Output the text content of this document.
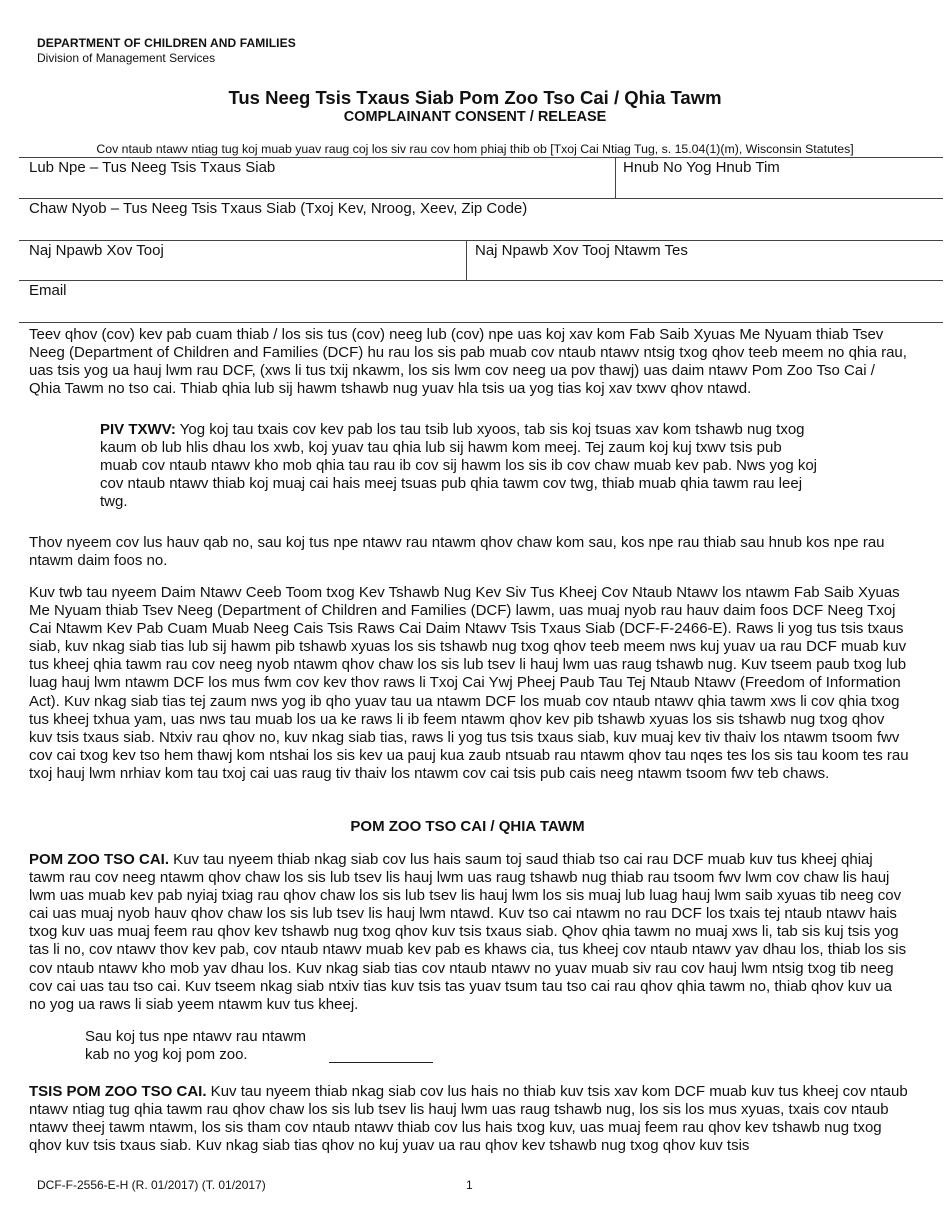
DEPARTMENT OF CHILDREN AND FAMILIES
Division of Management Services
Tus Neeg Tsis Txaus Siab Pom Zoo Tso Cai / Qhia Tawm
COMPLAINANT CONSENT / RELEASE
Cov ntaub ntawv ntiag tug koj muab yuav raug coj los siv rau cov hom phiaj thib ob [Txoj Cai Ntiag Tug, s. 15.04(1)(m), Wisconsin Statutes]
Lub Npe – Tus Neeg Tsis Txaus Siab	Hnub No Yog Hnub Tim
Chaw Nyob – Tus Neeg Tsis Txaus Siab (Txoj Kev, Nroog, Xeev, Zip Code)
Naj Npawb Xov Tooj	Naj Npawb Xov Tooj Ntawm Tes
Email
Teev qhov (cov) kev pab cuam thiab / los sis tus (cov) neeg lub (cov) npe uas koj xav kom Fab Saib Xyuas Me Nyuam thiab Tsev Neeg (Department of Children and Families (DCF) hu rau los sis pab muab cov ntaub ntawv ntsig txog qhov teeb meem no qhia rau, uas tsis yog ua hauj lwm rau DCF, (xws li tus txij nkawm, los sis lwm cov neeg ua pov thawj) uas daim ntawv Pom Zoo Tso Cai / Qhia Tawm no tso cai. Thiab qhia lub sij hawm tshawb nug yuav hla tsis ua yog tias koj xav txwv qhov ntawd.
PIV TXWV: Yog koj tau txais cov kev pab los tau tsib lub xyoos, tab sis koj tsuas xav kom tshawb nug txog kaum ob lub hlis dhau los xwb, koj yuav tau qhia lub sij hawm kom meej. Tej zaum koj kuj txwv tsis pub muab cov ntaub ntawv kho mob qhia tau rau ib cov sij hawm los sis ib cov chaw muab kev pab. Nws yog koj cov ntaub ntawv thiab koj muaj cai hais meej tsuas pub qhia tawm cov twg, thiab muab qhia tawm rau leej twg.
Thov nyeem cov lus hauv qab no, sau koj tus npe ntawv rau ntawm qhov chaw kom sau, kos npe rau thiab sau hnub kos npe rau ntawm daim foos no.
Kuv twb tau nyeem Daim Ntawv Ceeb Toom txog Kev Tshawb Nug Kev Siv Tus Kheej Cov Ntaub Ntawv los ntawm Fab Saib Xyuas Me Nyuam thiab Tsev Neeg (Department of Children and Families (DCF) lawm, uas muaj nyob rau hauv daim foos DCF Neeg Txoj Cai Ntawm Kev Pab Cuam Muab Neeg Cais Tsis Raws Cai Daim Ntawv Tsis Txaus Siab (DCF-F-2466-E). Raws li yog tus tsis txaus siab, kuv nkag siab tias lub sij hawm pib tshawb xyuas los sis tshawb nug txog qhov teeb meem nws kuj yuav ua rau DCF muab kuv tus kheej qhia tawm rau cov neeg nyob ntawm qhov chaw los sis lub tsev li hauj lwm uas raug tshawb nug. Kuv tseem paub txog lub luag hauj lwm ntawm DCF los mus fwm cov kev thov raws li Txoj Cai Ywj Pheej Paub Tau Tej Ntaub Ntawv (Freedom of Information Act). Kuv nkag siab tias tej zaum nws yog ib qho yuav tau ua ntawm DCF los muab cov ntaub ntawv qhia tawm xws li cov qhia txog tus kheej txhua yam, uas nws tau muab los ua ke raws li ib feem ntawm qhov kev pib tshawb xyuas los sis tshawb nug txog qhov kuv tsis txaus siab. Ntxiv rau qhov no, kuv nkag siab tias, raws li yog tus tsis txaus siab, kuv muaj kev tiv thaiv los ntawm tsoom fwv cov cai txog kev tso hem thawj kom ntshai los sis kev ua pauj kua zaub ntsuab rau ntawm qhov tau nqes tes los sis tau koom tes rau txoj hauj lwm nrhiav kom tau txoj cai uas raug tiv thaiv los ntawm cov cai tsis pub cais neeg ntawm tsoom fwv teb chaws.
POM ZOO TSO CAI / QHIA TAWM
POM ZOO TSO CAI. Kuv tau nyeem thiab nkag siab cov lus hais saum toj saud thiab tso cai rau DCF muab kuv tus kheej qhiaj tawm rau cov neeg ntawm qhov chaw los sis lub tsev lis hauj lwm uas raug tshawb nug thiab rau tsoom fwv lwm cov chaw lis hauj lwm uas muab kev pab nyiaj txiag rau qhov chaw los sis lub tsev lis hauj lwm los sis muaj lub luag hauj lwm saib xyuas tib neeg cov cai uas muaj nyob hauv qhov chaw los sis lub tsev lis hauj lwm ntawd. Kuv tso cai ntawm no rau DCF los txais tej ntaub ntawv hais txog kuv uas muaj feem rau qhov kev tshawb nug txog qhov kuv tsis txaus siab. Qhov qhia tawm no muaj xws li, tab sis kuj tsis yog tas li no, cov ntawv thov kev pab, cov ntaub ntawv muab kev pab es khaws cia, tus kheej cov ntaub ntawv yav dhau los, thiab los sis cov ntaub ntawv kho mob yav dhau los. Kuv nkag siab tias cov ntaub ntawv no yuav muab siv rau cov hauj lwm ntsig txog tib neeg cov cai uas tau tso cai. Kuv tseem nkag siab ntxiv tias kuv tsis tas yuav tsum tau tso cai rau qhov qhia tawm no, thiab qhov kuv ua no yog ua raws li siab yeem ntawm kuv tus kheej.
Sau koj tus npe ntawv rau ntawm
kab no yog koj pom zoo.
TSIS POM ZOO TSO CAI. Kuv tau nyeem thiab nkag siab cov lus hais no thiab kuv tsis xav kom DCF muab kuv tus kheej cov ntaub ntawv ntiag tug qhia tawm rau qhov chaw los sis lub tsev lis hauj lwm uas raug tshawb nug, los sis los mus xyuas, txais cov ntaub ntawv theej tawm ntawm, los sis tham cov ntaub ntawv thiab cov lus hais txog kuv, uas muaj feem rau qhov kev tshawb nug txog qhov kuv tsis txaus siab. Kuv nkag siab tias qhov no kuj yuav ua rau qhov kev tshawb nug txog qhov kuv tsis
DCF-F-2556-E-H (R. 01/2017) (T. 01/2017)	1
